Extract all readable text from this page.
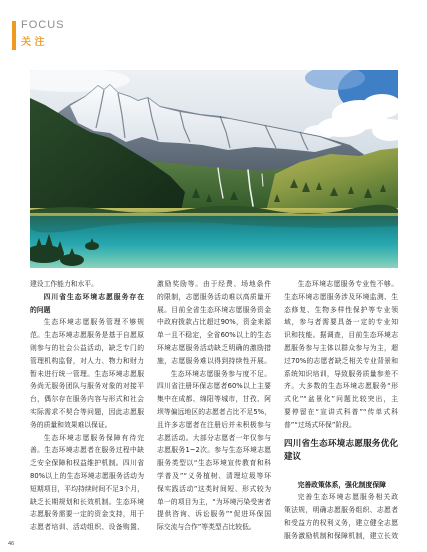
FOCUS
关 注
建设工作能力和水平。
四川省生态环境志愿服务存在
的问题
生态环境志愿服务管理不够规
范。生态环境志愿服务是基于自愿原
则参与的社会公益活动，缺乏专门的
管理机构监督，对人力、物力和财力
暂未进行统一管理。生态环境志愿服
务尚无服务团队与服务对象的对接平
台，偶尔存在服务内容与形式和社会
实际需求不契合等问题，因此志愿服
务的质量和效果难以保证。
生态环境志愿服务保障有待完
善。生态环境志愿者在服务过程中缺
乏安全保障和权益维护机制。四川省
80%以上的生态环境志愿服务活动为
短期项目，平均持续时间不足3个月，
缺乏长期规划和长效机制。生态环境
志愿服务需要一定的资金支持，用于
志愿者培训、活动组织、设备购置、
激励奖励等。由于经费、场地条件
的限制，志愿服务活动难以高质量开
展。目前全省生态环境志愿服务资金
中政府拨款占比超过90%，资金来源
单一且不稳定，全省60%以上的生态
环境志愿服务活动缺乏明确的激励措
施，志愿服务难以得到持续性开展。
生态环境志愿服务参与度不足。
四川省注册环保志愿者60%以上主要
集中在成都、绵阳等城市，甘孜、阿
坝等偏远地区的志愿者占比不足5%，
且许多志愿者在注册后并未积极参与
志愿活动。大部分志愿者一年仅参与
志愿服务1~2次。参与生态环境志愿
服务类型以“生态环境宣传教育和科
学普及”“义务植树、清理垃圾等环
保实践活动”这类时间短、形式较为
单一的项目为主，“为环境污染受害者
提供咨询、诉讼服务”“促进环保国
际交流与合作”等类型占比较低。
生态环境志愿服务专业性不够。
生态环境志愿服务涉及环境监测、生
态修复、生物多样性保护等专业领
域，参与者需要具备一定的专业知
识和技能。据调查，目前生态环境志
愿服务参与主体以群众参与为主，超
过70%的志愿者缺乏相关专业背景和
系统知识培训，导致服务质量参差不
齐。大多数的生态环境志愿服务“形
式化”“盆景化”问题比较突出，主
要停留在“宣讲式科普”“传单式科
普”“过场式环保”阶段。
四川省生态环境志愿服务优化
建议
完善政策体系，强化制度保障
完善生态环境志愿服务相关政
策法规，明确志愿服务组织、志愿者
和受益方的权利义务，建立健全志愿
服务激励机制和保障机制，建立长效
46
